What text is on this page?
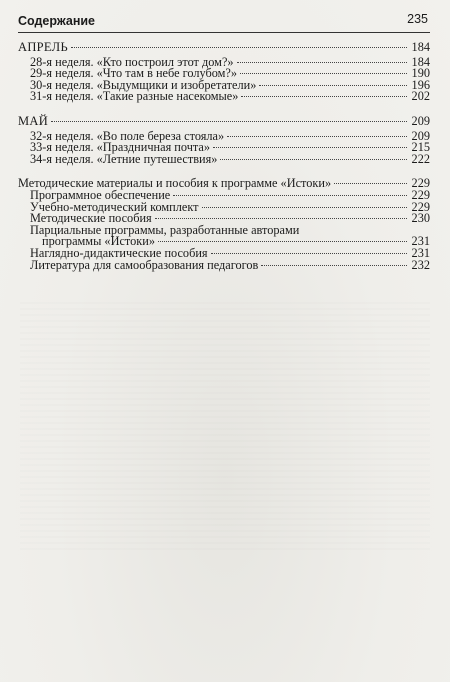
Содержание	235
АПРЕЛЬ	184
28-я неделя. «Кто построил этот дом?»	184
29-я неделя. «Что там в небе голубом?»	190
30-я неделя. «Выдумщики и изобретатели»	196
31-я неделя. «Такие разные насекомые»	202
МАЙ	209
32-я неделя. «Во поле береза стояла»	209
33-я неделя. «Праздничная почта»	215
34-я неделя. «Летние путешествия»	222
Методические материалы и пособия к программе «Истоки»	229
Программное обеспечение	229
Учебно-методический комплект	229
Методические пособия	230
Парциальные программы, разработанные авторами
программы «Истоки»	231
Наглядно-дидактические пособия	231
Литература для самообразования педагогов	232
